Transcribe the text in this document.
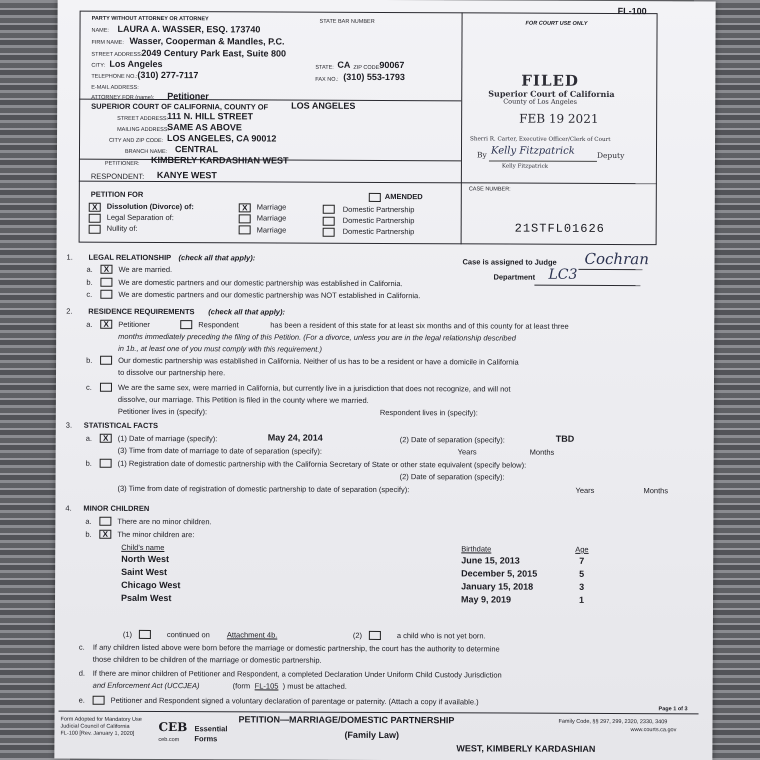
FL-100
PARTY WITHOUT ATTORNEY OR ATTORNEY	STATE BAR NUMBER
NAME: LAURA A. WASSER, ESQ. 173740
FIRM NAME: Wasser, Cooperman & Mandles, P.C.
STREET ADDRESS: 2049 Century Park East, Suite 800
CITY: Los Angeles	STATE: CA ZIP CODE:
90067
TELEPHONE NO.: (310) 277-7117	FAX NO.: (310) 553-1793
E-MAIL ADDRESS:
ATTORNEY FOR (name): Petitioner
SUPERIOR COURT OF CALIFORNIA, COUNTY OF	LOS ANGELES
STREET ADDRESS: 111 N. HILL STREET
MAILING ADDRESS:
SAME AS ABOVE
CITY AND ZIP CODE: LOS ANGELES, CA 90012
BRANCH NAME: CENTRAL
PETITIONER: KIMBERLY KARDASHIAN WEST
RESPONDENT: KANYE WEST
FOR COURT USE ONLY
FILED
Superior Court of California
County of Los Angeles
FEB 19 2021
Sherri R. Carter, Executive Officer/Clerk of Court
By Kelly Fitzpatrick	Deputy
Kelly Fitzpatrick
PETITION FOR	AMENDED
X	Dissolution (Divorce) of:	X	Marriage	Domestic Partnership
Legal Separation of:	Marriage	Domestic Partnership
Nullity of:	Marriage	Domestic Partnership
CASE NUMBER:
21STFL01626
1. LEGAL RELATIONSHIP (check all that apply):	Case is assigned to Judge Cochran
Department LC3
a.	X	We are married.
b.	We are domestic partners and our domestic partnership was established in California.
c.	We are domestic partners and our domestic partnership was NOT established in California.
2. RESIDENCE REQUIREMENTS (check all that apply):
a.	X	Petitioner	Respondent	has been a resident of this state for at least six months and of this county for at least three
months immediately preceding the filing of this Petition. (For a divorce, unless you are in the legal relationship described
in 1b., at least one of you must comply with this requirement.)
b.	Our domestic partnership was established in California. Neither of us has to be a resident or have a domicile in California
to dissolve our partnership here.
c.	We are the same sex, were married in California, but currently live in a jurisdiction that does not recognize, and will not
dissolve, our marriage. This Petition is filed in the county where we married.
Petitioner lives in (specify):	Respondent lives in (specify):
3. STATISTICAL FACTS
a.	X	(1) Date of marriage (specify):	May 24, 2014	(2) Date of separation (specify):	TBD
(3) Time from date of marriage to date of separation (specify):	Years	Months
b.	(1) Registration date of domestic partnership with the California Secretary of State or other state equivalent (specify below):
(2) Date of separation (specify):
(3) Time from date of registration of domestic partnership to date of separation (specify):	Years	Months
4. MINOR CHILDREN
a.	There are no minor children.
b.	X	The minor children are:
Child's name	Birthdate	Age
North West	June 15, 2013	7
Saint West	December 5, 2015	5
Chicago West	January 15, 2018	3
Psalm West	May 9, 2019	1
(1)	continued on Attachment 4b.	(2)	a child who is not yet born.
c. If any children listed above were born before the marriage or domestic partnership, the court has the authority to determine
those children to be children of the marriage or domestic partnership.
d. If there are minor children of Petitioner and Respondent, a completed Declaration Under Uniform Child Custody Jurisdiction
and Enforcement Act (UCCJEA)	(form FL-105 ) must be attached.
e.	Petitioner and Respondent signed a voluntary declaration of parentage or paternity. (Attach a copy if available.)
Page 1 of 3
Form Adopted for Mandatory Use
Judicial Council of California
FL-100 [Rev. January 1, 2020] CEB
ceb.com
Essential
Forms
PETITION—MARRIAGE/DOMESTIC PARTNERSHIP
(Family Law)
Family Code, §§ 297, 299, 2320, 2330, 3409
www.courts.ca.gov
WEST, KIMBERLY KARDASHIAN
